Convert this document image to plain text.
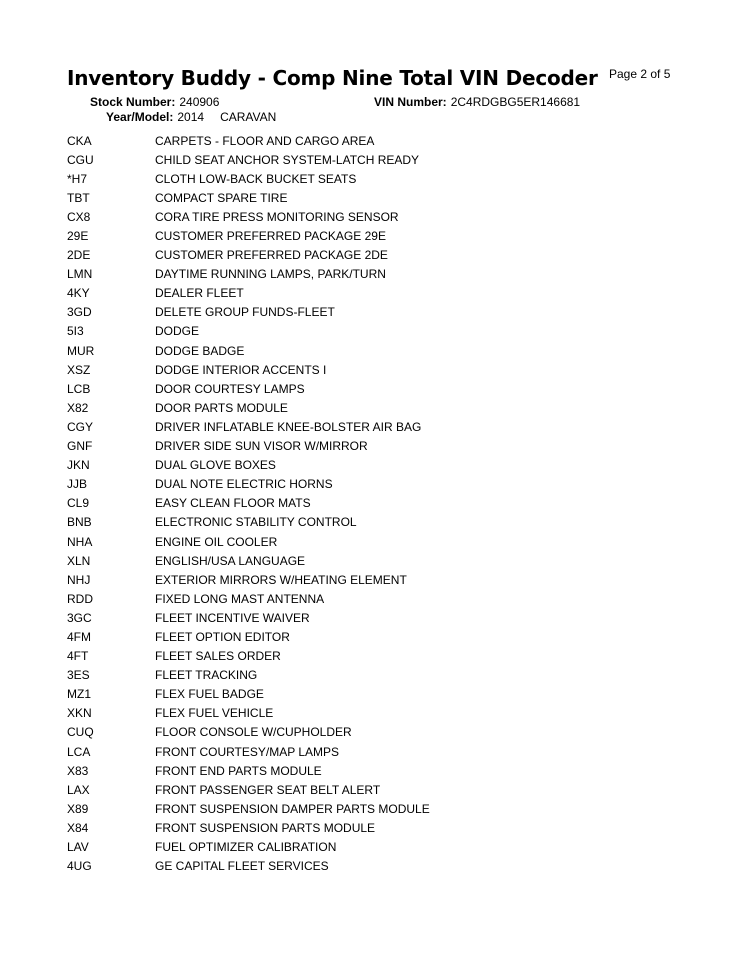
Inventory Buddy - Comp Nine Total VIN Decoder Page 2 of 5
Stock Number: 240906	VIN Number: 2C4RDGBG5ER146681
Year/Model: 2014 CARAVAN
CKA	CARPETS - FLOOR AND CARGO AREA
CGU	CHILD SEAT ANCHOR SYSTEM-LATCH READY
*H7	CLOTH LOW-BACK BUCKET SEATS
TBT	COMPACT SPARE TIRE
CX8	CORA TIRE PRESS MONITORING SENSOR
29E	CUSTOMER PREFERRED PACKAGE 29E
2DE	CUSTOMER PREFERRED PACKAGE 2DE
LMN	DAYTIME RUNNING LAMPS, PARK/TURN
4KY	DEALER FLEET
3GD	DELETE GROUP FUNDS-FLEET
5I3	DODGE
MUR	DODGE BADGE
XSZ	DODGE INTERIOR ACCENTS I
LCB	DOOR COURTESY LAMPS
X82	DOOR PARTS MODULE
CGY	DRIVER INFLATABLE KNEE-BOLSTER AIR BAG
GNF	DRIVER SIDE SUN VISOR W/MIRROR
JKN	DUAL GLOVE BOXES
JJB	DUAL NOTE ELECTRIC HORNS
CL9	EASY CLEAN FLOOR MATS
BNB	ELECTRONIC STABILITY CONTROL
NHA	ENGINE OIL COOLER
XLN	ENGLISH/USA LANGUAGE
NHJ	EXTERIOR MIRRORS W/HEATING ELEMENT
RDD	FIXED LONG MAST ANTENNA
3GC	FLEET INCENTIVE WAIVER
4FM	FLEET OPTION EDITOR
4FT	FLEET SALES ORDER
3ES	FLEET TRACKING
MZ1	FLEX FUEL BADGE
XKN	FLEX FUEL VEHICLE
CUQ	FLOOR CONSOLE W/CUPHOLDER
LCA	FRONT COURTESY/MAP LAMPS
X83	FRONT END PARTS MODULE
LAX	FRONT PASSENGER SEAT BELT ALERT
X89	FRONT SUSPENSION DAMPER PARTS MODULE
X84	FRONT SUSPENSION PARTS MODULE
LAV	FUEL OPTIMIZER CALIBRATION
4UG	GE CAPITAL FLEET SERVICES
